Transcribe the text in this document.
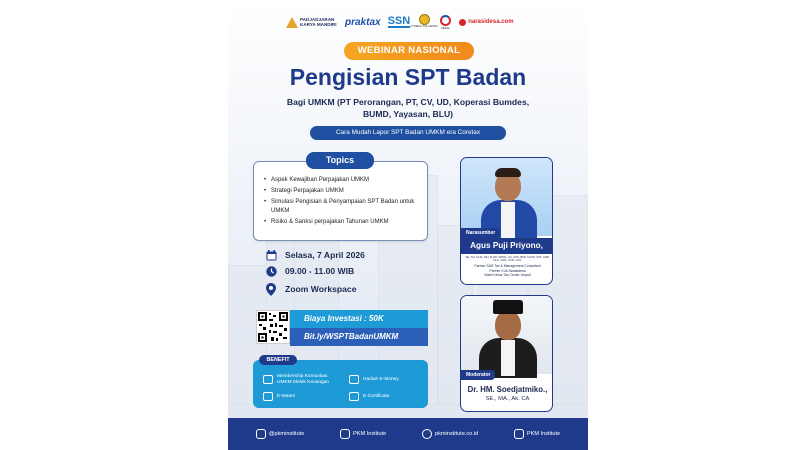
PADJADJARAN KARYA MANDIRI praktax SSN SYNERGI SOLUSINDO ABDSI
narasidesa.com
WEBINAR NASIONAL
Pengisian SPT Badan
Bagi UMKM (PT Perorangan, PT, CV, UD, Koperasi Bumdes,
BUMD, Yayasan, BLU)
Cara Mudah Lapor SPT Badan UMKM era Coretax
• Aspek Kewajiban Perpajakan UMKM
• Strategi Perpajakan UMKM
• Simulasi Pengisian & Penyampaian SPT Badan untuk UMKM
• Risiko & Sanksi perpajakan Tahunan UMKM
Topics
Selasa, 7 April 2026
09.00 - 11.00 WIB
Zoom Workspace
Biaya Investasi : 50K
Bit.ly/WSPTBadanUMKM
Membership Komunitas UMKM Melek Keuangan
Hadiah E-Money
E-Materi	E-Certificate
BENEFIT
Narasumber
Agus Puji Priyono,
SE, SH, M.Ak, MH, M.HP, CPMA, CA, CPA, BKP, CACP, CPT, ADR, CLA, CMC, CFR, CCC
Partner SAR Tax & Management Consultant
Partner KJA Narasidesa
Wakil Ketua Tax Center Unpad
Moderator
Dr. HM. Soedjatmiko.,
SE., MA., Ak. CA
@pkminstitute	PKM Institute	pkminstitute.co.id	PKM Institute
